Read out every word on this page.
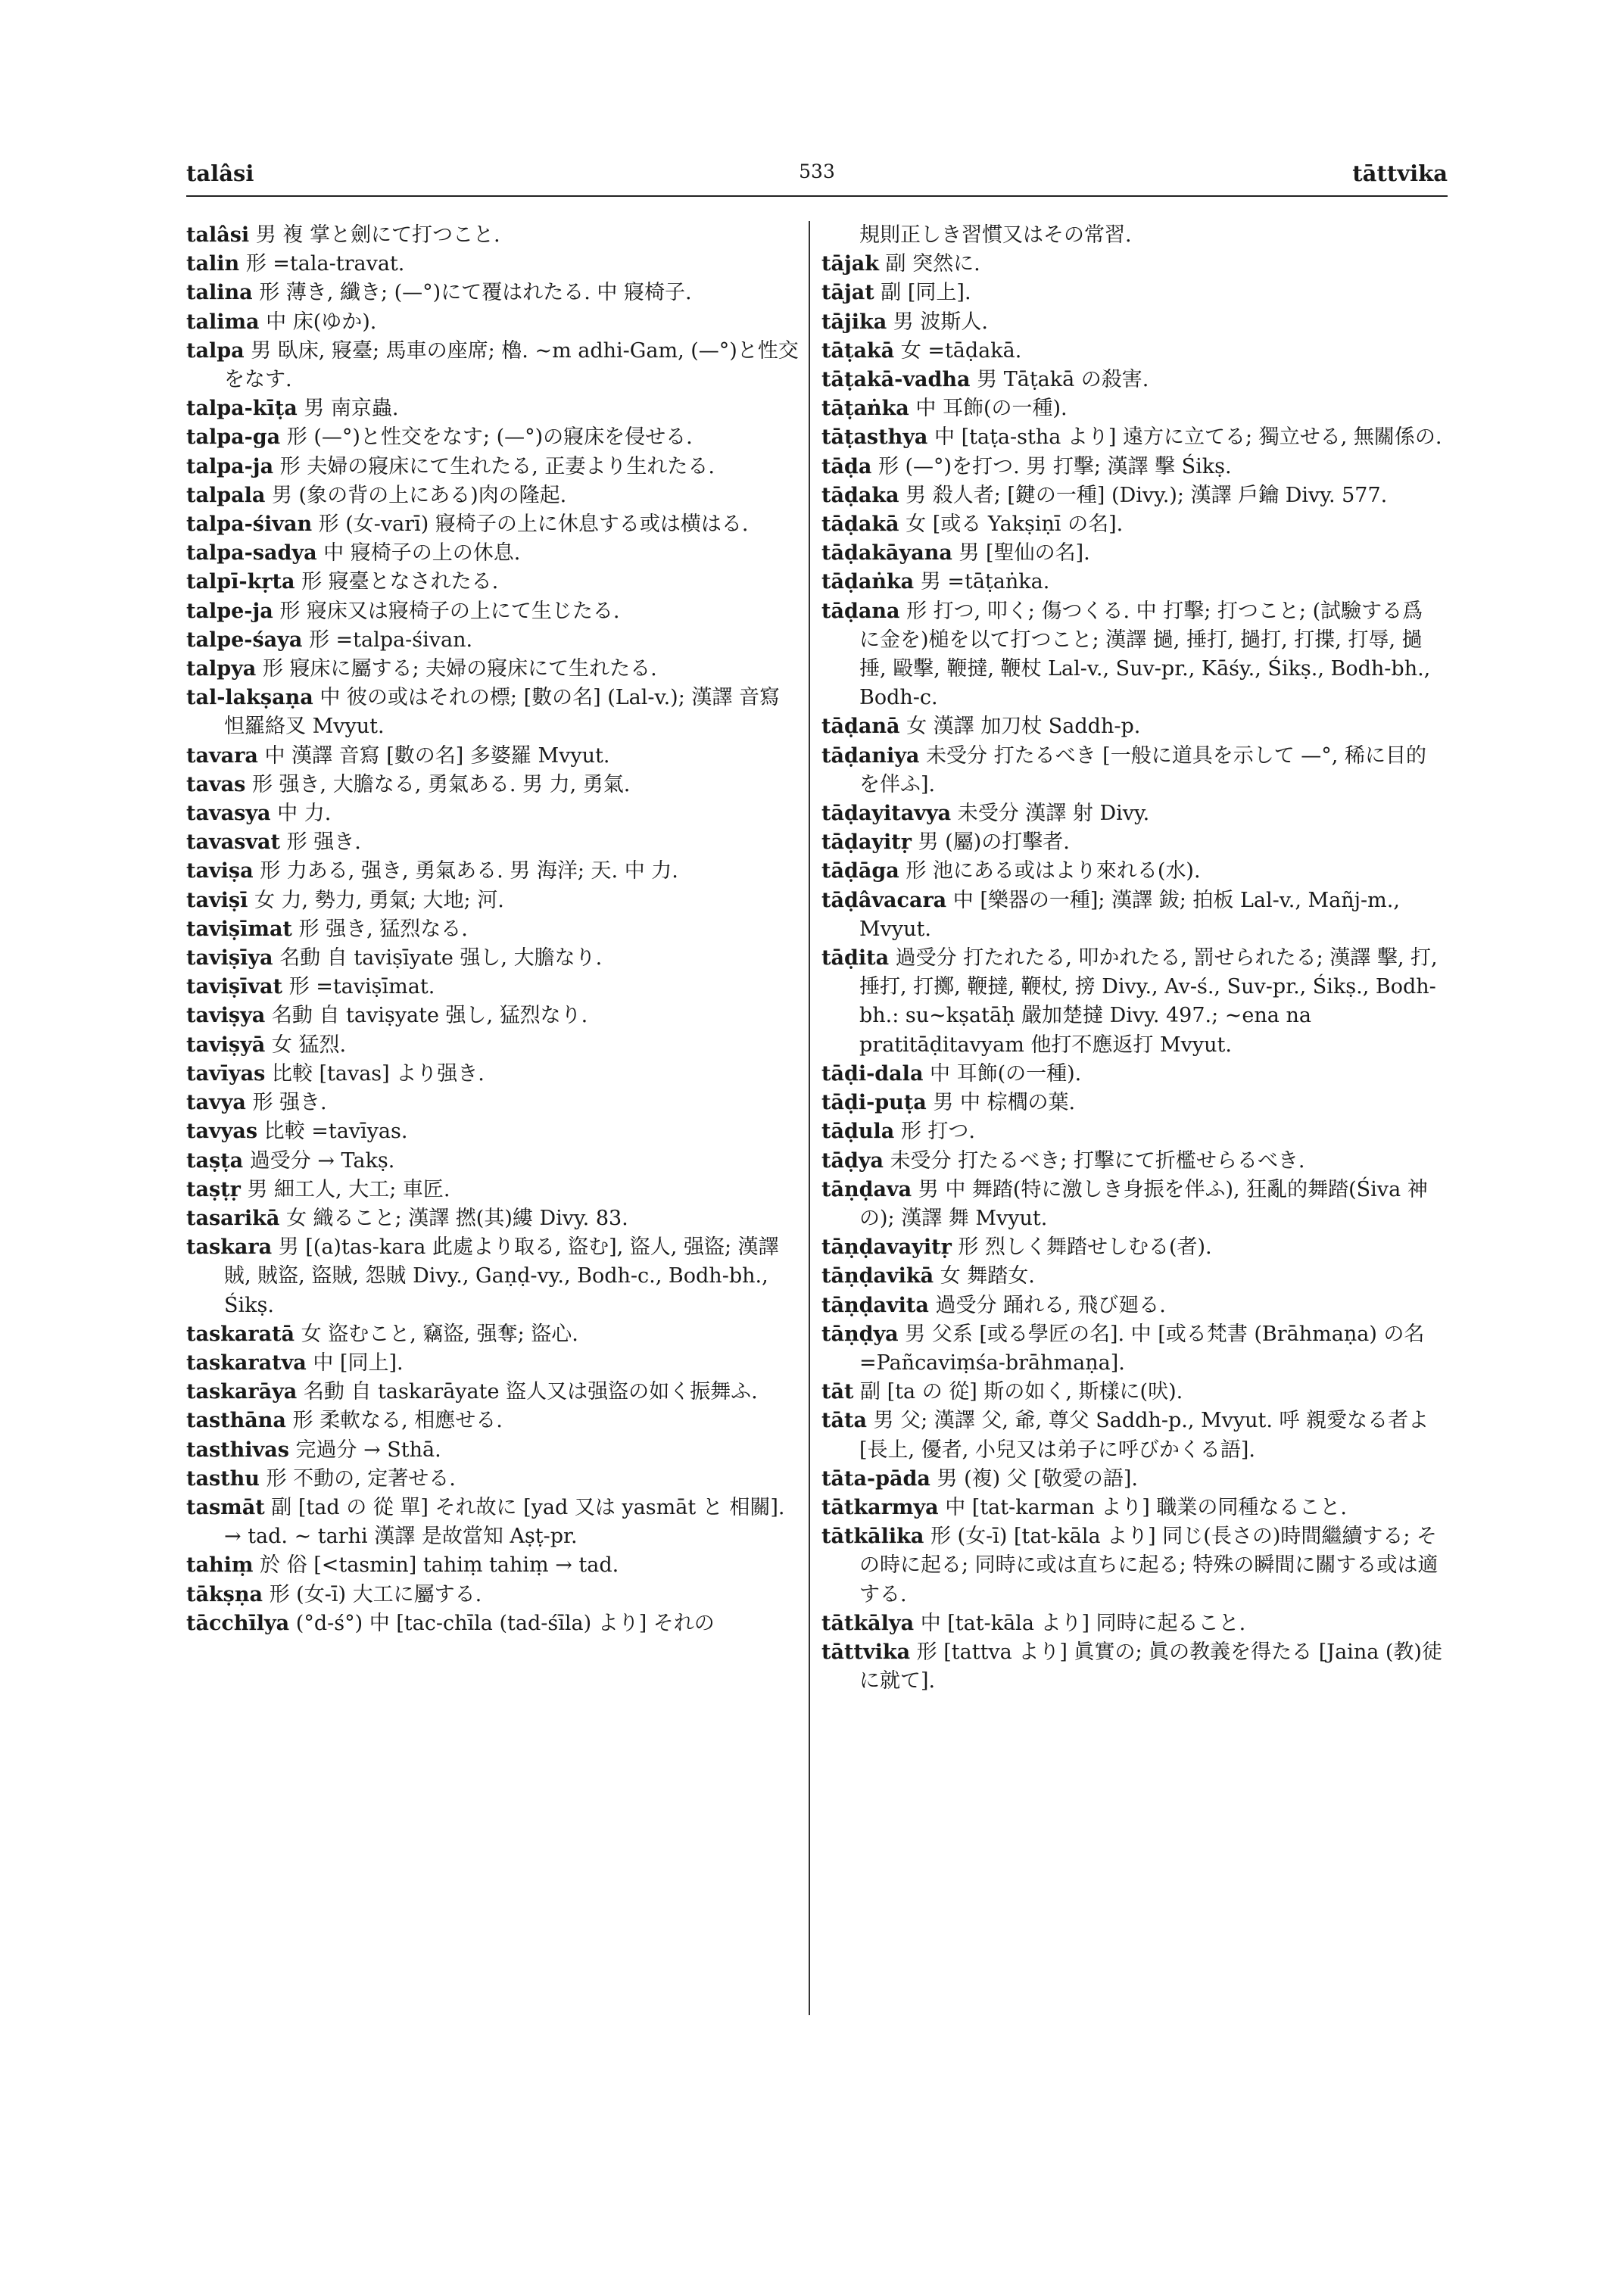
talâsi	533	tāttvika

talâsi 男 複 掌と劍にて打つこと.

talin 形 =tala-travat.

talina 形 薄き, 纖き; (—°)にて覆はれたる. 中 寢椅子.

talima 中 床(ゆか).

talpa 男 臥床, 寢臺; 馬車の座席; 櫓. ∼m adhi-Gam, (—°)と性交をなす.

talpa-kīṭa 男 南京蟲.

talpa-ga 形 (—°)と性交をなす; (—°)の寢床を侵せる.

talpa-ja 形 夫婦の寢床にて生れたる, 正妻より生れたる.

talpala 男 (象の背の上にある)肉の隆起.

talpa-śivan 形 (女-varī) 寢椅子の上に休息する或は横はる.

talpa-sadya 中 寢椅子の上の休息.

talpī-kṛta 形 寢臺となされたる.

talpe-ja 形 寢床又は寢椅子の上にて生じたる.

talpe-śaya 形 =talpa-śivan.

talpya 形 寢床に屬する; 夫婦の寢床にて生れたる.

tal-lakṣaṇa 中 彼の或はそれの標; [數の名] (Lal-v.); 漢譯 音寫 怛羅絡叉 Mvyut.

tavara 中 漢譯 音寫 [數の名] 多婆羅 Mvyut.

tavas 形 强き, 大膽なる, 勇氣ある. 男 力, 勇氣.

tavasya 中 力.

tavasvat 形 强き.

taviṣa 形 力ある, 强き, 勇氣ある. 男 海洋; 天. 中 力.

taviṣī 女 力, 勢力, 勇氣; 大地; 河.

taviṣīmat 形 强き, 猛烈なる.

taviṣīya 名動 自 taviṣīyate 强し, 大膽なり.

taviṣīvat 形 =taviṣīmat.

taviṣya 名動 自 taviṣyate 强し, 猛烈なり.

taviṣyā 女 猛烈.

tavīyas 比較 [tavas] より强き.

tavya 形 强き.

tavyas 比較 =tavīyas.

taṣṭa 過受分 → Takṣ.

taṣṭṛ 男 細工人, 大工; 車匠.

tasarikā 女 織ること; 漢譯 撚(其)縷 Divy. 83.

taskara 男 [(a)tas-kara 此處より取る, 盜む], 盜人, 强盜; 漢譯 賊, 賊盜, 盜賊, 怨賊 Divy., Gaṇḍ-vy., Bodh-c., Bodh-bh., Śikṣ.

taskaratā 女 盜むこと, 竊盜, 强奪; 盜心.

taskaratva 中 [同上].

taskarāya 名動 自 taskarāyate 盜人又は强盜の如く振舞ふ.

tasthāna 形 柔軟なる, 相應せる.

tasthivas 完過分 → Sthā.

tasthu 形 不動の, 定著せる.

tasmāt 副 [tad の 從 單] それ故に [yad 又は yasmāt と 相關]. → tad. ∼ tarhi 漢譯 是故當知 Aṣṭ-pr.

tahiṃ 於 俗 [<tasmin] tahiṃ tahiṃ → tad.

tākṣṇa 形 (女-ī) 大工に屬する.

tācchīlya (°d-ś°) 中 [tac-chīla (tad-śīla) より] それの

規則正しき習慣又はその常習.

tājak 副 突然に.

tājat 副 [同上].

tājika 男 波斯人.

tāṭakā 女 =tāḍakā.

tāṭakā-vadha 男 Tāṭakā の殺害.

tāṭaṅka 中 耳飾(の一種).

tāṭasthya 中 [taṭa-stha より] 遠方に立てる; 獨立せる, 無關係の.

tāḍa 形 (—°)を打つ. 男 打擊; 漢譯 擊 Śikṣ.

tāḍaka 男 殺人者; [鍵の一種] (Divy.); 漢譯 戶鑰 Divy. 577.

tāḍakā 女 [或る Yakṣiṇī の名].

tāḍakāyana 男 [聖仙の名].

tāḍaṅka 男 =tāṭaṅka.

tāḍana 形 打つ, 叩く; 傷つくる. 中 打擊; 打つこと; (試驗する爲に金を)槌を以て打つこと; 漢譯 撾, 捶打, 撾打, 打揲, 打辱, 撾捶, 毆擊, 鞭撻, 鞭杖 Lal-v., Suv-pr., Kāśy., Śikṣ., Bodh-bh., Bodh-c.

tāḍanā 女 漢譯 加刀杖 Saddh-p.

tāḍaniya 未受分 打たるべき [一般に道具を示して —°, 稀に目的を伴ふ].

tāḍayitavya 未受分 漢譯 射 Divy.

tāḍayitṛ 男 (屬)の打擊者.

tāḍāga 形 池にある或はより來れる(水).

tāḍâvacara 中 [樂器の一種]; 漢譯 鈸; 拍板 Lal-v., Mañj-m., Mvyut.

tāḍita 過受分 打たれたる, 叩かれたる, 罰せられたる; 漢譯 擊, 打, 捶打, 打擲, 鞭撻, 鞭杖, 搒 Divy., Av-ś., Suv-pr., Śikṣ., Bodh-bh.: su∼kṣatāḥ 嚴加楚撻 Divy. 497.; ∼ena na pratitāḍitavyam 他打不應返打 Mvyut.

tāḍi-dala 中 耳飾(の一種).

tāḍi-puṭa 男 中 棕櫚の葉.

tāḍula 形 打つ.

tāḍya 未受分 打たるべき; 打擊にて折檻せらるべき.

tāṇḍava 男 中 舞踏(特に激しき身振を伴ふ), 狂亂的舞踏(Śiva 神の); 漢譯 舞 Mvyut.

tāṇḍavayitṛ 形 烈しく舞踏せしむる(者).

tāṇḍavikā 女 舞踏女.

tāṇḍavita 過受分 踊れる, 飛び廻る.

tāṇḍya 男 父系 [或る學匠の名]. 中 [或る梵書 (Brāhmaṇa) の名 =Pañcaviṃśa-brāhmaṇa].

tāt 副 [ta の 從] 斯の如く, 斯樣に(吠).

tāta 男 父; 漢譯 父, 爺, 尊父 Saddh-p., Mvyut. 呼 親愛なる者よ [長上, 優者, 小兒又は弟子に呼びかくる語].

tāta-pāda 男 (複) 父 [敬愛の語].

tātkarmya 中 [tat-karman より] 職業の同種なること.

tātkālika 形 (女-ī) [tat-kāla より] 同じ(長さの)時間繼續する; その時に起る; 同時に或は直ちに起る; 特殊の瞬間に關する或は適する.

tātkālya 中 [tat-kāla より] 同時に起ること.

tāttvika 形 [tattva より] 眞實の; 眞の教義を得たる [Jaina (教)徒に就て].
